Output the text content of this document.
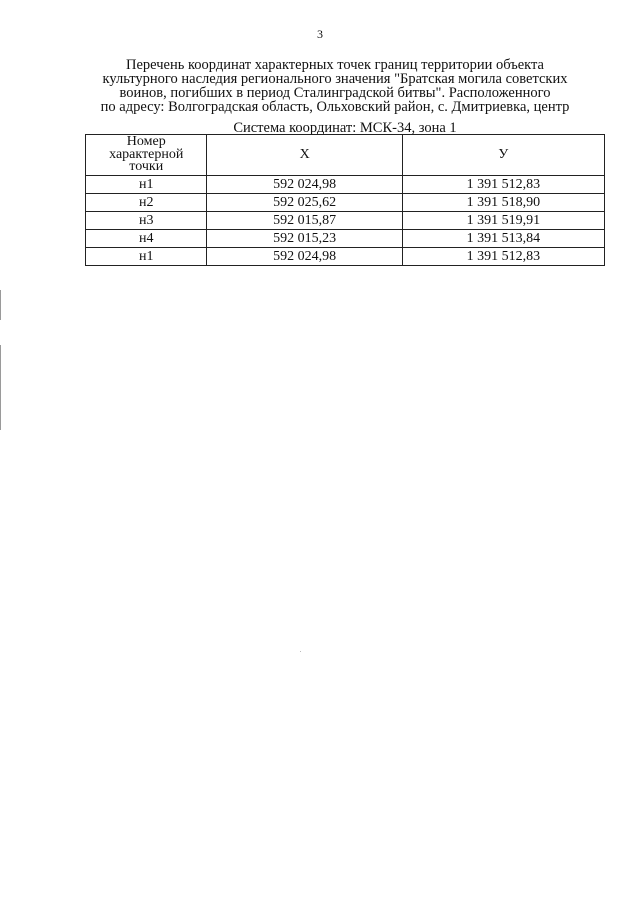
3
Перечень координат характерных точек границ территории объекта
культурного наследия регионального значения "Братская могила советских
воинов, погибших в период Сталинградской битвы". Расположенного
по адресу: Волгоградская область, Ольховский район, с. Дмитриевка, центр
Система координат: МСК-34, зона 1
Номер
характерной
точки	X	У
н1	592 024,98	1 391 512,83
н2	592 025,62	1 391 518,90
н3	592 015,87	1 391 519,91
н4	592 015,23	1 391 513,84
н1	592 024,98	1 391 512,83
